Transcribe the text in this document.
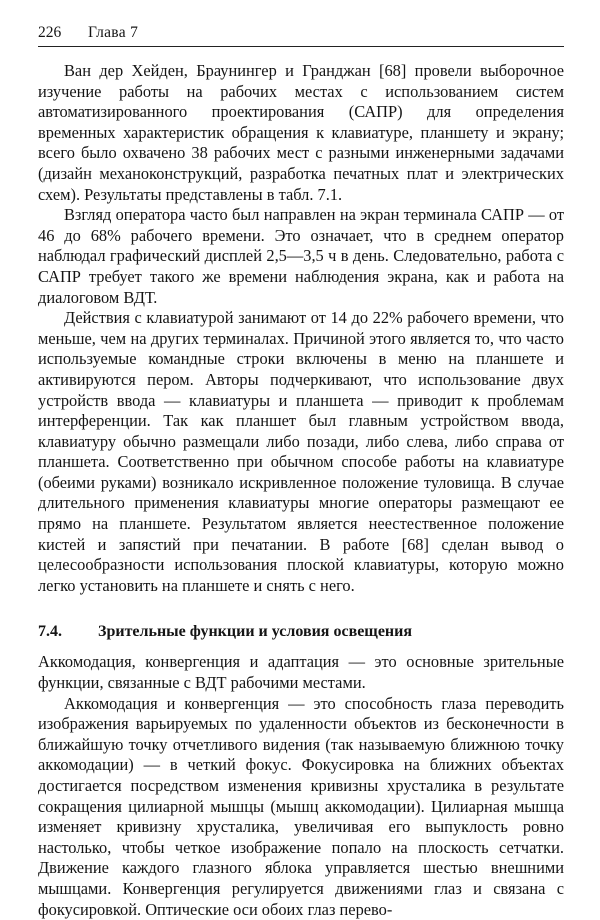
226	Глава 7

Ван дер Хейден, Браунингер и Гранджан [68] провели выборочное изучение работы на рабочих местах с использованием систем автоматизированного проектирования (САПР) для определения временных характеристик обращения к клавиатуре, планшету и экрану; всего было охвачено 38 рабочих мест с разными инженерными задачами (дизайн механоконструкций, разработка печатных плат и электрических схем). Результаты представлены в табл. 7.1.

Взгляд оператора часто был направлен на экран терминала САПР — от 46 до 68% рабочего времени. Это означает, что в среднем оператор наблюдал графический дисплей 2,5—3,5 ч в день. Следовательно, работа с САПР требует такого же времени наблюдения экрана, как и работа на диалоговом ВДТ.

Действия с клавиатурой занимают от 14 до 22% рабочего времени, что меньше, чем на других терминалах. Причиной этого является то, что часто используемые командные строки включены в меню на планшете и активируются пером. Авторы подчеркивают, что использование двух устройств ввода — клавиатуры и планшета — приводит к проблемам интерференции. Так как планшет был главным устройством ввода, клавиатуру обычно размещали либо позади, либо слева, либо справа от планшета. Соответственно при обычном способе работы на клавиатуре (обеими руками) возникало искривленное положение туловища. В случае длительного применения клавиатуры многие операторы размещают ее прямо на планшете. Результатом является неестественное положение кистей и запястий при печатании. В работе [68] сделан вывод о целесообразности использования плоской клавиатуры, которую можно легко установить на планшете и снять с него.

7.4.	Зрительные функции и условия освещения

Аккомодация, конвергенция и адаптация — это основные зрительные функции, связанные с ВДТ рабочими местами.

Аккомодация и конвергенция — это способность глаза переводить изображения варьируемых по удаленности объектов из бесконечности в ближайшую точку отчетливого видения (так называемую ближнюю точку аккомодации) — в четкий фокус. Фокусировка на ближних объектах достигается посредством изменения кривизны хрусталика в результате сокращения цилиарной мышцы (мышц аккомодации). Цилиарная мышца изменяет кривизну хрусталика, увеличивая его выпуклость ровно настолько, чтобы четкое изображение попало на плоскость сетчатки. Движение каждого глазного яблока управляется шестью внешними мышцами. Конвергенция регулируется движениями глаз и связана с фокусировкой. Оптические оси обоих глаз перево-
